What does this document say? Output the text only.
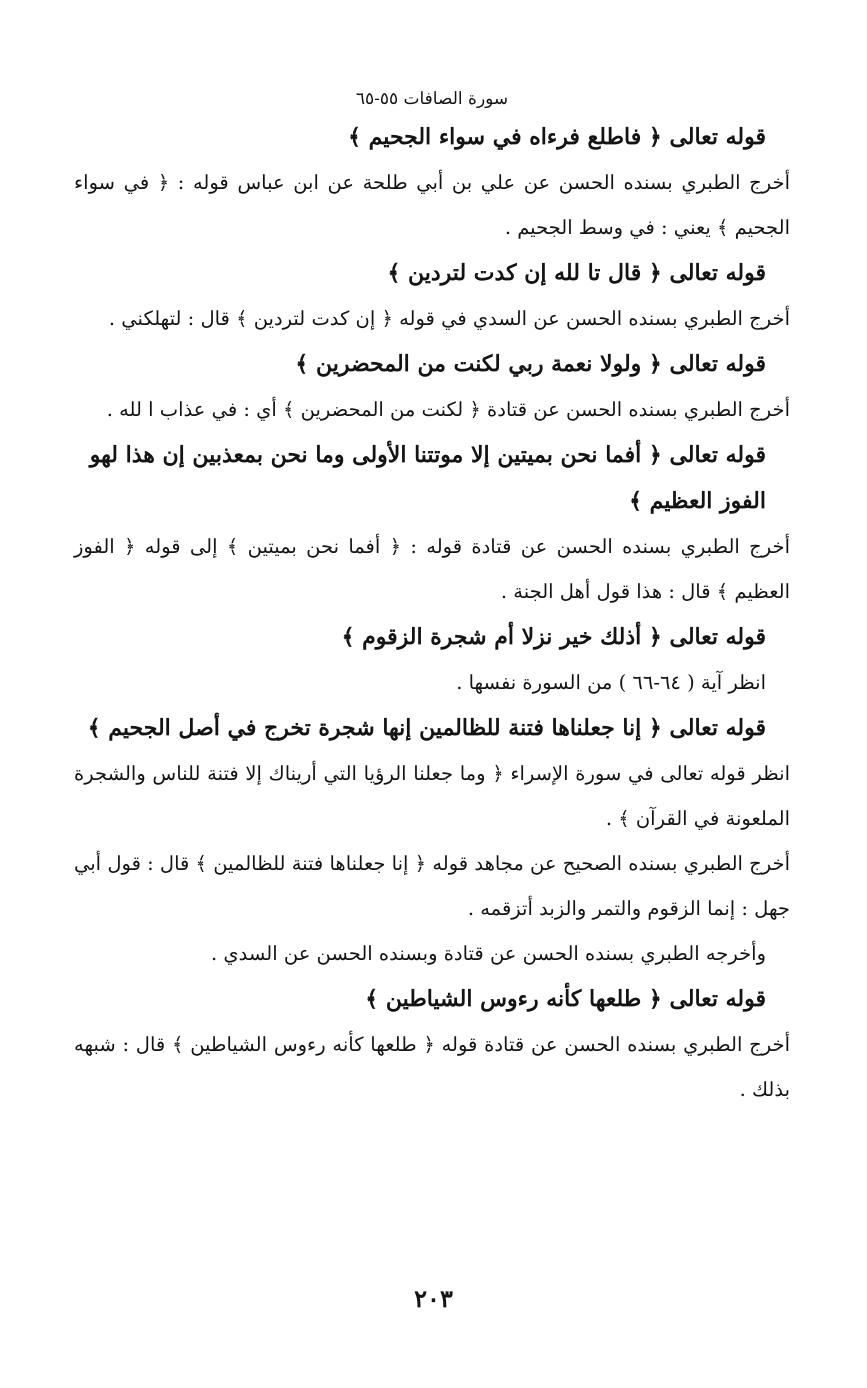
سورة الصافات ٥٥-٦٥

قوله تعالى ﴿ فاطلع فرءاه في سواء الجحيم ﴾

أخرج الطبري بسنده الحسن عن علي بن أبي طلحة عن ابن عباس قوله : ﴿ في سواء الجحيم ﴾ يعني : في وسط الجحيم .

قوله تعالى ﴿ قال تا لله إن كدت لتردين ﴾

أخرج الطبري بسنده الحسن عن السدي في قوله ﴿ إن كدت لتردين ﴾ قال : لتهلكني .

قوله تعالى ﴿ ولولا نعمة ربي لكنت من المحضرين ﴾

أخرج الطبري بسنده الحسن عن قتادة ﴿ لكنت من المحضرين ﴾ أي : في عذاب ا لله .

قوله تعالى ﴿ أفما نحن بميتين إلا موتتنا الأولى وما نحن بمعذبين إن هذا لهو الفوز العظيم ﴾

أخرج الطبري بسنده الحسن عن قتادة قوله : ﴿ أفما نحن بميتين ﴾ إلى قوله ﴿ الفوز العظيم ﴾ قال : هذا قول أهل الجنة .

قوله تعالى ﴿ أذلك خير نزلا أم شجرة الزقوم ﴾

انظر آية ( ٦٤-٦٦ ) من السورة نفسها .

قوله تعالى ﴿ إنا جعلناها فتنة للظالمين إنها شجرة تخرج في أصل الجحيم ﴾

انظر قوله تعالى في سورة الإسراء ﴿ وما جعلنا الرؤيا التي أريناك إلا فتنة للناس والشجرة الملعونة في القرآن ﴾ .

أخرج الطبري بسنده الصحيح عن مجاهد قوله ﴿ إنا جعلناها فتنة للظالمين ﴾ قال : قول أبي جهل : إنما الزقوم والتمر والزبد أتزقمه .

وأخرجه الطبري بسنده الحسن عن قتادة وبسنده الحسن عن السدي .

قوله تعالى ﴿ طلعها كأنه رءوس الشياطين ﴾

أخرج الطبري بسنده الحسن عن قتادة قوله ﴿ طلعها كأنه رءوس الشياطين ﴾ قال : شبهه بذلك .

٢٠٣
